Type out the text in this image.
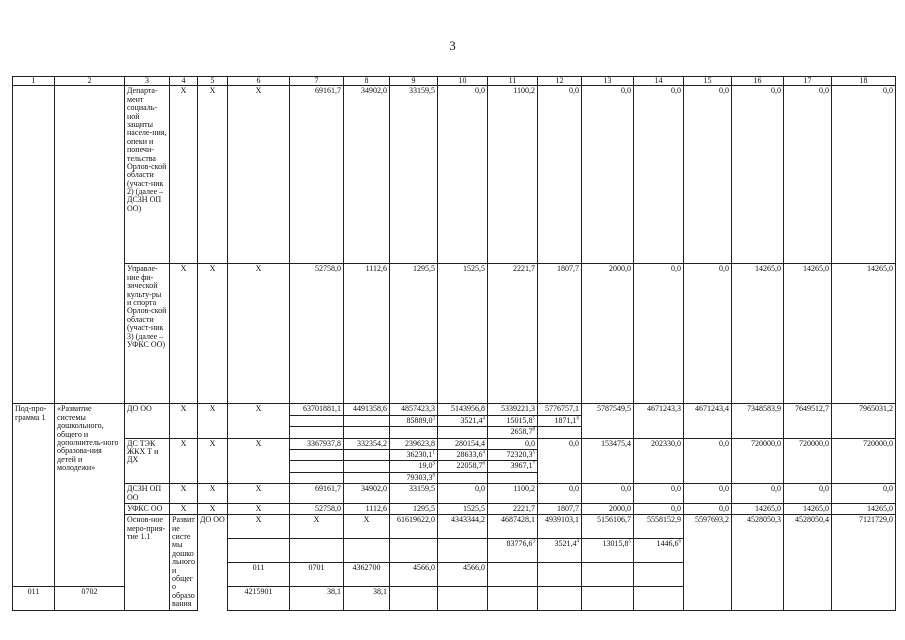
3
1	2	3	4	5	6	7	8	9	10	11	12	13	14	15	16	17	18	
		Департа-мент социаль-ной защиты населе-ния, опеки и попечи-тельства Орлов-ской области (участ-ник 2) (далее – ДСЗН ОП ОО)	Х	Х	Х	69161,7	34902,0	33159,5	0,0	1100,2	0,0	0,0	0,0	0,0	0,0	0,0	0,0	
		Управле-ние фи-зической культу-ры и спорта Орлов-ской области (участ-ник 3) (далее – УФКС ОО)	Х	Х	Х	52758,0	1112,6	1295,5	1525,5	2221,7	1807,7	2000,0	0,0	0,0	14265,0	14265,0	14265,0	
Под-про-грамма 1	«Развитие системы дошкольного, общего и дополнитель-ного образова-ния детей и молодежи»	ДО ОО	Х	Х	Х	63701881,1	4491358,6	4857423,3	5143956,8	5339221,3	5776757,1	5787549,5	4671243,3	4671243,4	7348583,9	7649512,7	7965031,2	
								85889,0$^3$	3521,4$^4$	15015,8$^5$	1871,1$^6$						
										2658,7$^8$							
		ДС ТЭК ЖКХ Т и ДХ	Х	Х	Х	3367937,8	332354,2	239623,8	280154,4	0,0	0,0	153475,4	202330,0	0,0	720000,0	720000,0	720000,0	
								36230,1$^1$	28633,6$^4$	72320,3$^5$							
								19,0$^3$	22058,7$^6$	3967,1$^7$							
								79303,3$^8$									
		ДСЗН ОП ОО	Х	Х	Х	69161,7	34902,0	33159,5	0,0	1100,2	0,0	0,0	0,0	0,0	0,0	0,0	0,0	
		УФКС ОО	Х	Х	Х	52758,0	1112,6	1295,5	1525,5	2221,7	1807,7	2000,0	0,0	0,0	14265,0	14265,0	14265,0	
		Основ-ное меро-прия-тие 1.1	Развитие системы дошкольного и общего образования	ДО ОО	Х	Х	Х	61619622,0	4343344,2	4687428,1	4939103,1	5156106,7	5558152,9	5597693,2	4528050,3	4528050,4	7121729,0		
										83776,6$^3$	3521,4$^4$	13015,8$^5$	1446,6$^6$						
					011	0701	4362700	4566,0	4566,0										
011	0702				4215901	38,1	38,1											
